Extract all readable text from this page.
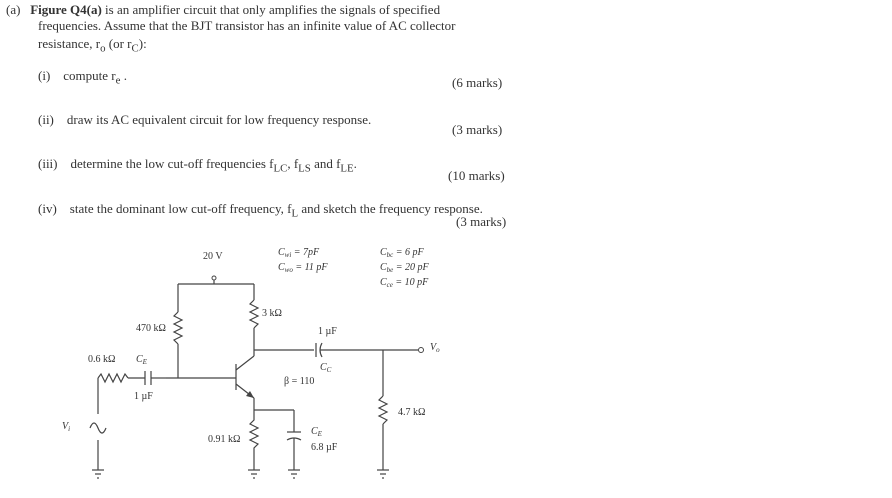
(a) Figure Q4(a) is an amplifier circuit that only amplifies the signals of specified
frequencies. Assume that the BJT transistor has an infinite value of AC collector
resistance, $r_o$ (or $r_C$):
(i) compute $r_e$ .	(6 marks)
(ii) draw its AC equivalent circuit for low frequency response.
(3 marks)
(iii) determine the low cut-off frequencies $f_{LC}$, $f_{LS}$ and $f_{LE}$.
(10 marks)
(iv) state the dominant low cut-off frequency, $f_L$ and sketch the frequency response.
(3 marks)
20 V
470 kΩ
3 kΩ
1 µF
$C_C$
$V_o$
4.7 kΩ
β = 110
0.6 kΩ $C_E$
1 µF
$V_i$
0.91 kΩ
$C_E$
6.8 µF
$C_{wi} = 7pF$
$C_{wo} = 11$ pF
$C_{bc} = 6$ pF
$C_{be} = 20$ pF
$C_{ce} = 10$ pF
